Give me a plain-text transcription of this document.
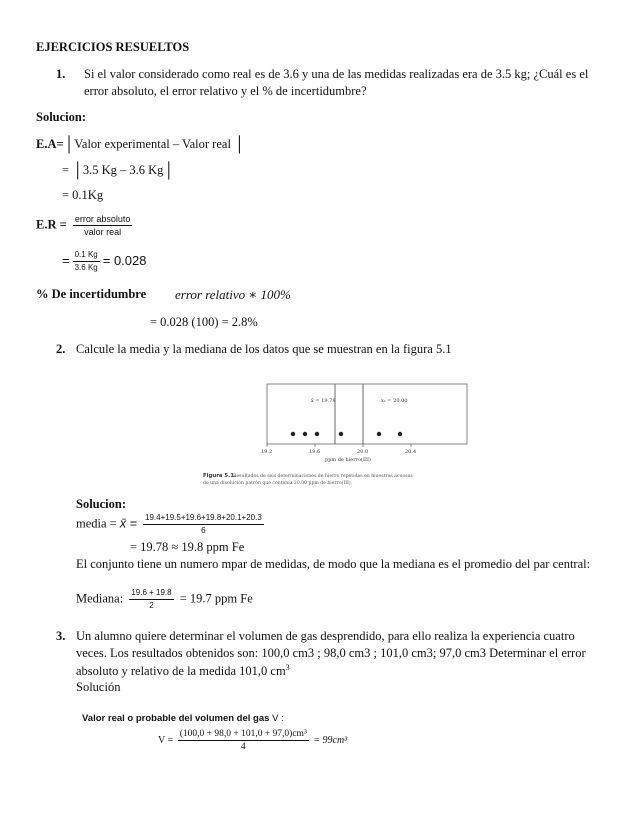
EJERCICIOS RESUELTOS
1. Si el valor considerado como real es de 3.6 y una de las medidas realizadas era de 3.5 kg; ¿Cuál es el
error absoluto, el error relativo y el % de incertidumbre?
Solucion:
E.A=│Valor experimental – Valor real │
= │3.5 Kg – 3.6 Kg│
= 0.1Kg
$E.R = \frac{\text{error absoluto}}{\text{valor real}}$
= $\frac{0.1 Kg}{3.6 Kg} = 0.028$
% De incertidumbre error relativo ∗ 100%
= 0.028 (100) = 2.8%
2. Calcule la media y la mediana de los datos que se muestran en la figura 5.1
x̄ = 19.78	x₁ = 20.00
19.2	19.6	20.0	20.4
ppm de hierro(III)
Figura 5.1.
Resultados de seis determinaciones de hierro repetidas en muestras acuosas
de una disolución patrón que contenía 20.00 ppm de hierro(III).
Solucion:
media = x̄ = $\frac{19.4+19.5+19.6+19.8+20.1+20.3}{6}$
= 19.78 ≈ 19.8 ppm Fe
El conjunto tiene un numero mpar de medidas, de modo que la mediana es el promedio del par central:
Mediana: $\frac{19.6 + 19.8}{2} = 19.7$ ppm Fe
3. Un alumno quiere determinar el volumen de gas desprendido, para ello realiza la experiencia cuatro
veces. Los resultados obtenidos son: 100,0 cm3 ; 98,0 cm3 ; 101,0 cm3; 97,0 cm3 Determinar el error
absoluto y relativo de la medida 101,0 $cm^3$
Solución
Valor real o probable del volumen del gas V :
$V = \frac{\text{(100,0 + 98,0 + 101,0 + 97,0)cm³}}{4} = 99cm^3$
